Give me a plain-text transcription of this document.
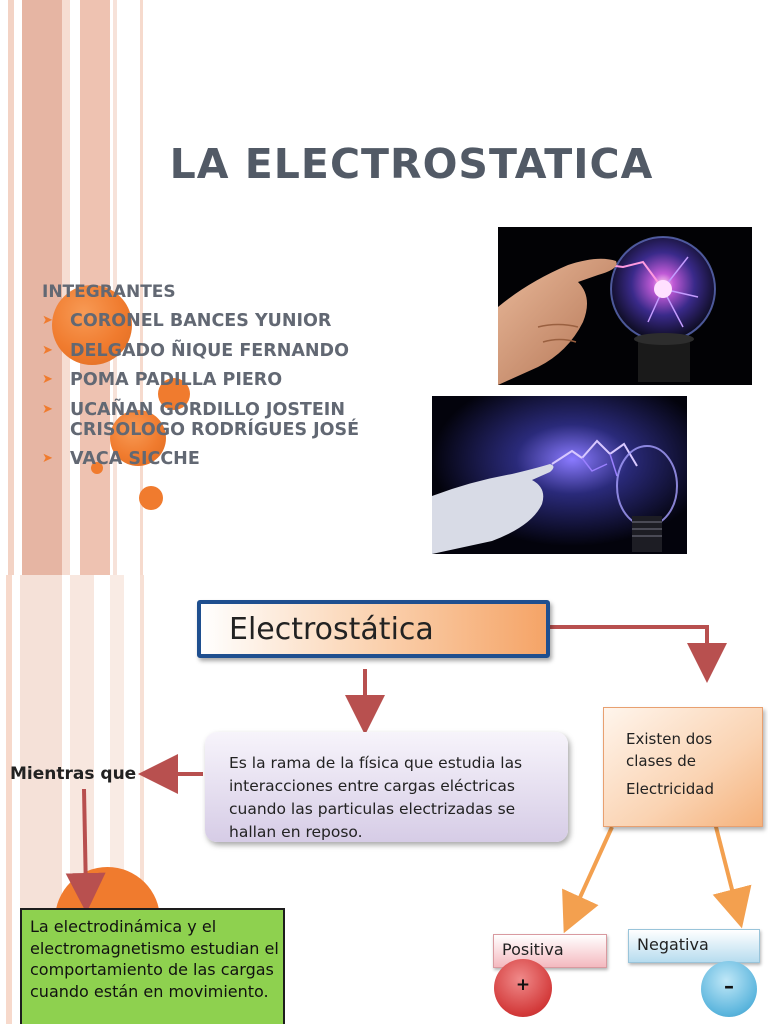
LA ELECTROSTATICA
INTEGRANTES
➤ CORONEL BANCES YUNIOR
➤ DELGADO ÑIQUE FERNANDO
➤ POMA PADILLA PIERO
➤ UCAÑAN GORDILLO JOSTEIN CRISOLOGO RODRÍGUES JOSÉ
➤ VACA SICCHE
Electrostática
Es la rama de la física que estudia las interacciones entre cargas eléctricas cuando las particulas electrizadas se hallan en reposo.
Mientras que
Existen dos clases de
Electricidad
La electrodinámica y el electromagnetismo estudian el comportamiento de las cargas cuando están en movimiento.
Positiva	Negativa
+	–
